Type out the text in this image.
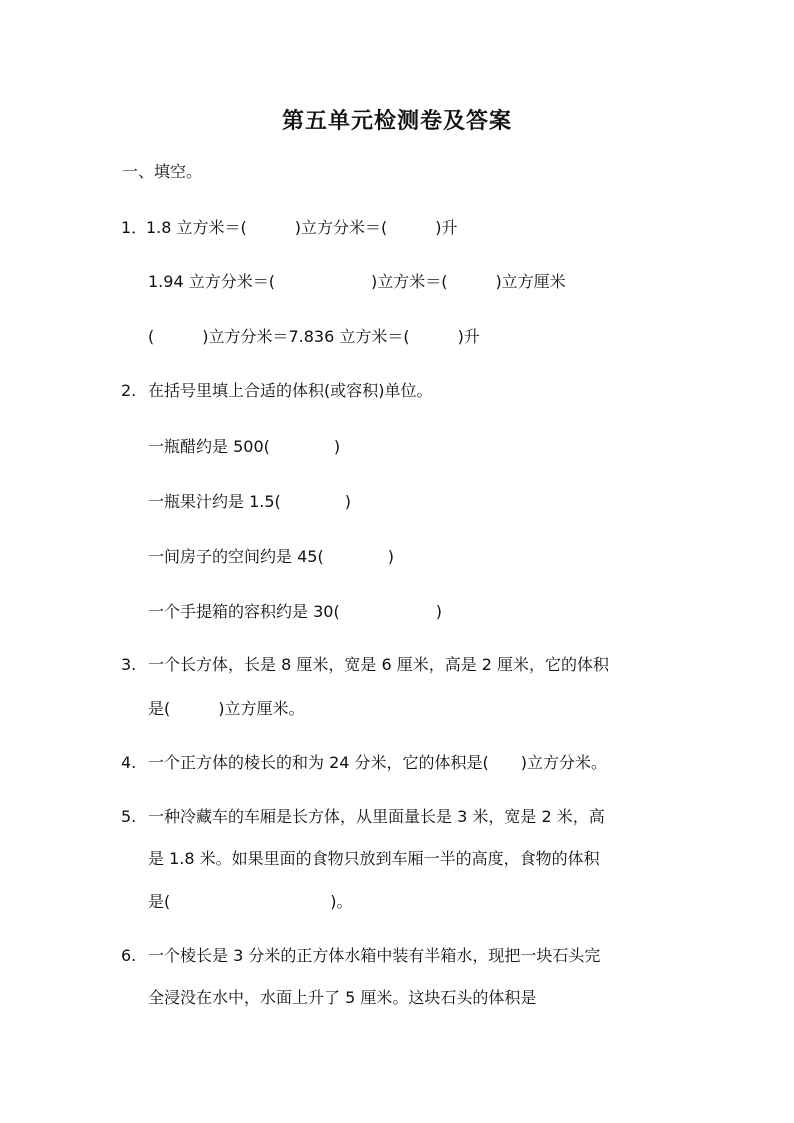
第五单元检测卷及答案
一、填空。
1．
1.8 立方米＝(　　　)立方分米＝(　　　)升
1.94 立方分米＝(　　　　　　)立方米＝(　　　)立方厘米
(　　　)立方分米＝7.836 立方米＝(　　　)升
2. 在括号里填上合适的体积(或容积)单位。
一瓶醋约是 500(　　　　)
一瓶果汁约是 1.5(　　　　)
一间房子的空间约是 45(　　　　)
一个手提箱的容积约是 30(　　　　　　)
3. 一个长方体，长是 8 厘米，宽是 6 厘米，高是 2 厘米，它的体积
是(　　　)立方厘米。
4. 一个正方体的棱长的和为 24 分米，它的体积是(　　)立方分米。
5. 一种冷藏车的车厢是长方体，从里面量长是 3 米，宽是 2 米，高
是 1.8 米。如果里面的食物只放到车厢一半的高度，食物的体积
是(　　　　　　　　　　)。
6. 一个棱长是 3 分米的正方体水箱中装有半箱水，现把一块石头完
全浸没在水中，水面上升了 5 厘米。这块石头的体积是
